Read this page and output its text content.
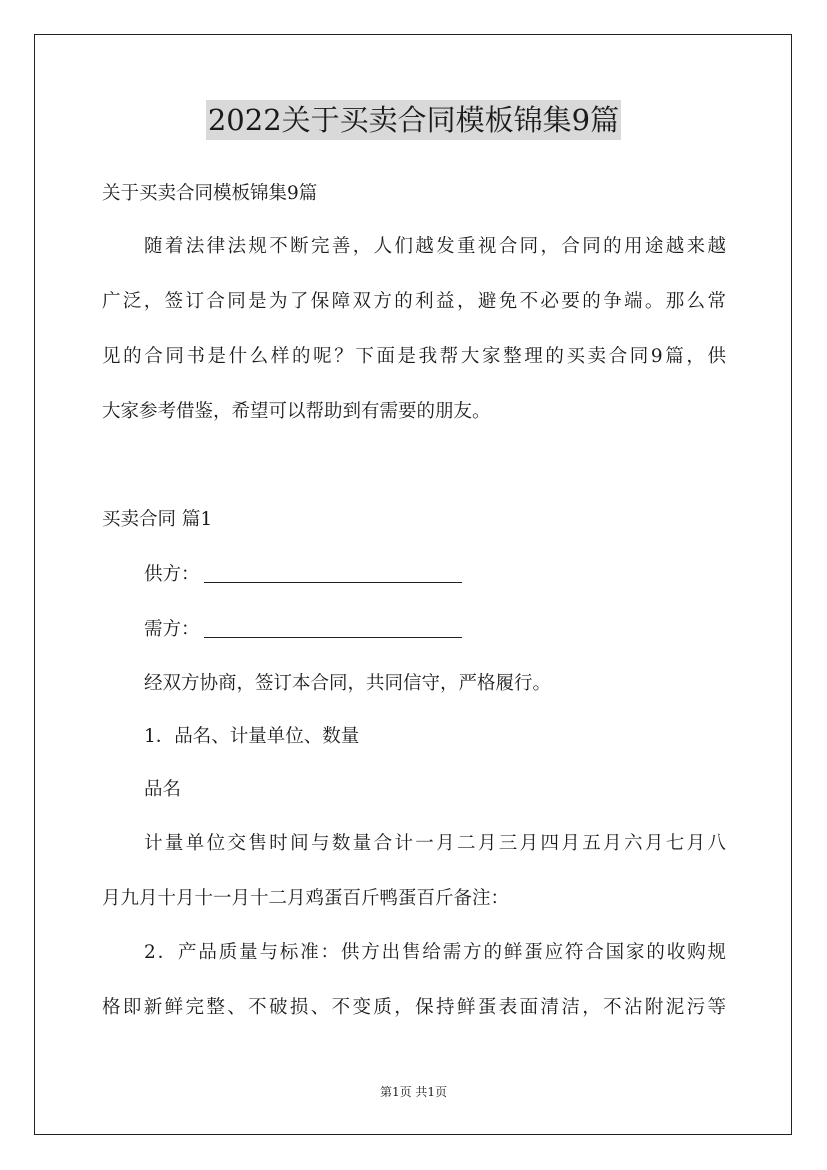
2022关于买卖合同模板锦集9篇
关于买卖合同模板锦集9篇
随着法律法规不断完善，人们越发重视合同，合同的用途越来越
广泛，签订合同是为了保障双方的利益，避免不必要的争端。那么常
见的合同书是什么样的呢？下面是我帮大家整理的买卖合同9篇，供
大家参考借鉴，希望可以帮助到有需要的朋友。
买卖合同 篇1
供方：
需方：
经双方协商，签订本合同，共同信守，严格履行。
1．品名、计量单位、数量
品名
计量单位交售时间与数量合计一月二月三月四月五月六月七月八
月九月十月十一月十二月鸡蛋百斤鸭蛋百斤备注：
2．产品质量与标准：供方出售给需方的鲜蛋应符合国家的收购规
格即新鲜完整、不破损、不变质，保持鲜蛋表面清洁，不沾附泥污等
第1页 共1页
